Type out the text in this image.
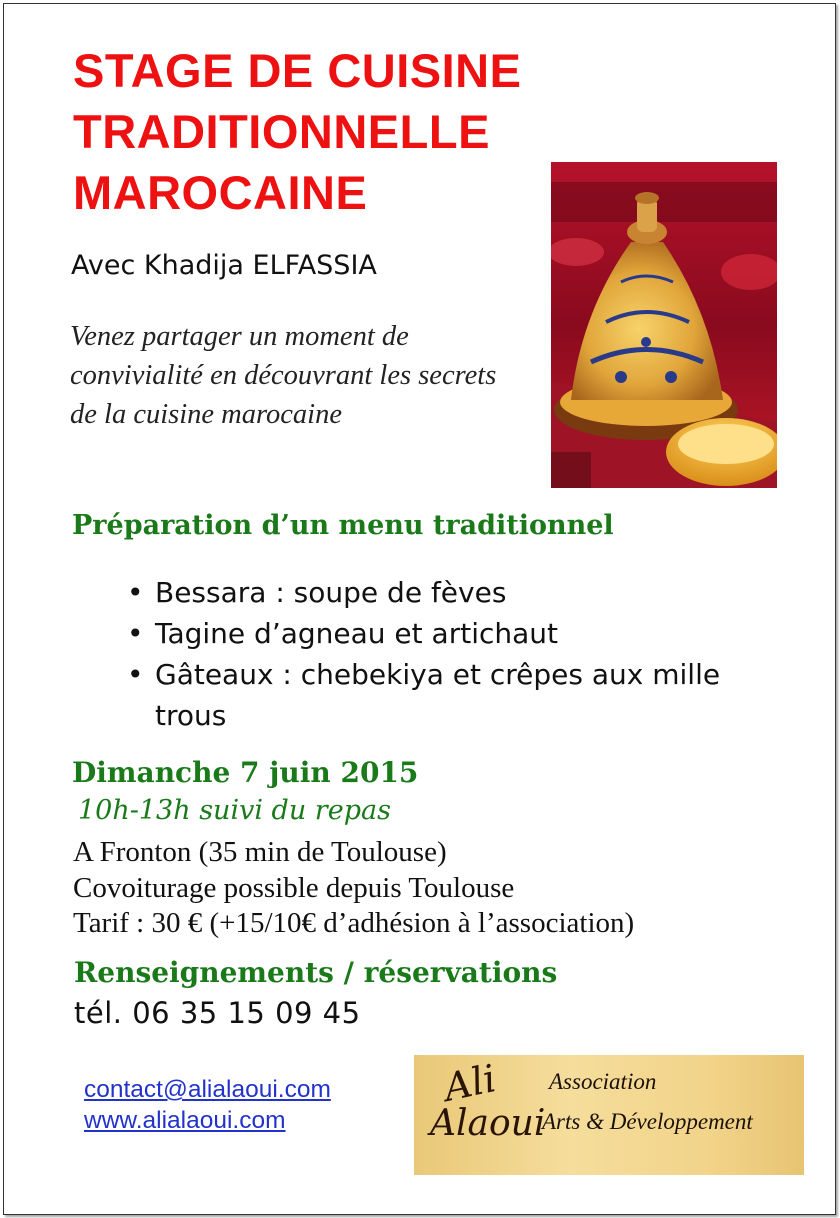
STAGE DE CUISINE
TRADITIONNELLE
MAROCAINE

Avec Khadija ELFASSIA

Venez partager un moment de convivialité en découvrant les secrets de la cuisine marocaine

Préparation d’un menu traditionnel
• Bessara : soupe de fèves
• Tagine d’agneau et artichaut
• Gâteaux : chebekiya et crêpes aux mille trous

Dimanche 7 juin 2015

10h-13h suivi du repas

A Fronton (35 min de Toulouse)
Covoiturage possible depuis Toulouse
Tarif : 30 € (+15/10€ d’adhésion à l’association)
Renseignements / réservations

tél. 06 35 15 09 45

contact@alialaoui.com
www.alialaoui.com
Ali
Alaoui
Association
Arts & Développement
